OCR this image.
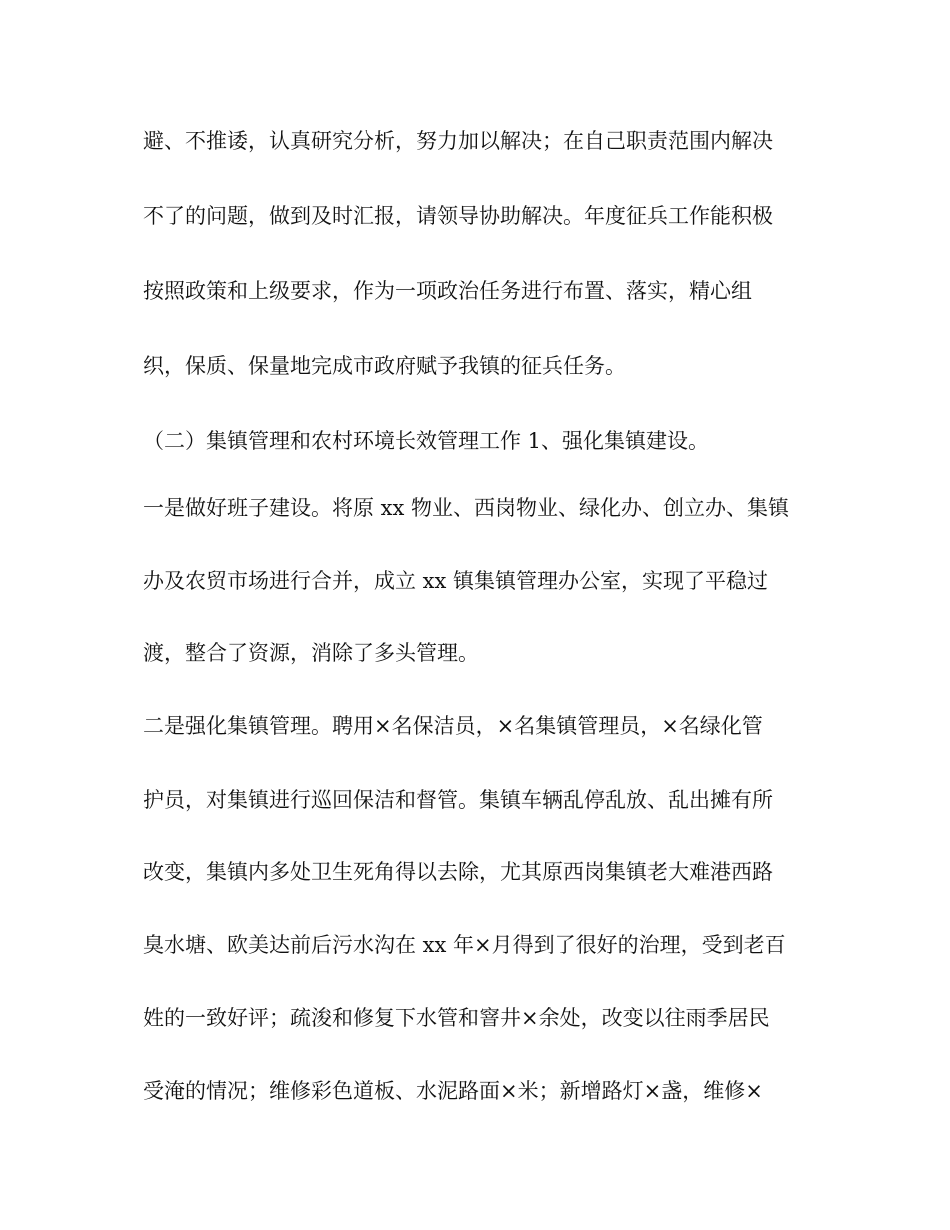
避、不推诿，认真研究分析，努力加以解决；在自己职责范围内解决
不了的问题，做到及时汇报，请领导协助解决。年度征兵工作能积极
按照政策和上级要求，作为一项政治任务进行布置、落实，精心组
织，保质、保量地完成市政府赋予我镇的征兵任务。
（二）集镇管理和农村环境长效管理工作 1、强化集镇建设。
一是做好班子建设。将原 xx 物业、西岗物业、绿化办、创立办、集镇
办及农贸市场进行合并，成立 xx 镇集镇管理办公室，实现了平稳过
渡，整合了资源，消除了多头管理。
二是强化集镇管理。聘用×名保洁员，×名集镇管理员，×名绿化管
护员，对集镇进行巡回保洁和督管。集镇车辆乱停乱放、乱出摊有所
改变，集镇内多处卫生死角得以去除，尤其原西岗集镇老大难港西路
臭水塘、欧美达前后污水沟在 xx 年×月得到了很好的治理，受到老百
姓的一致好评；疏浚和修复下水管和窨井×余处，改变以往雨季居民
受淹的情况；维修彩色道板、水泥路面×米；新增路灯×盏，维修×
